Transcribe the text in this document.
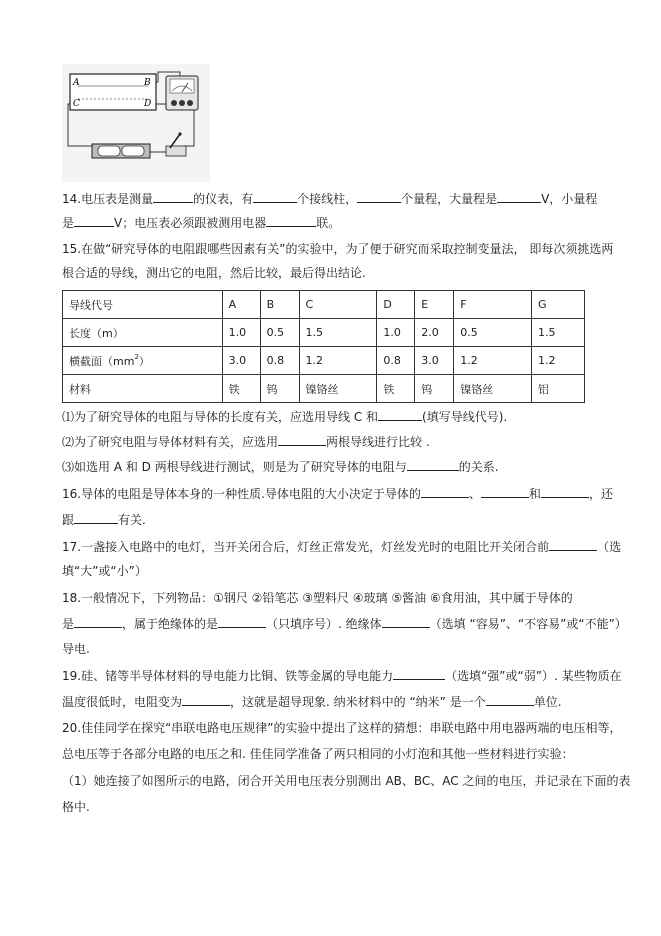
A	B
C	D
14.电压表是测量	的仪表，有	个接线柱，	个量程，大量程是	V，小量程
是	V；电压表必须跟被测用电器	联。
15.在做“研究导体的电阻跟哪些因素有关”的实验中，为了便于研究而采取控制变量法， 即每次须挑选两
根合适的导线，测出它的电阻，然后比较，最后得出结论.
导线代号	A	B	C	D	E	F	G
长度（m）	1.0	0.5	1.5	1.0	2.0	0.5	1.5
横截面$(mm^2)$	3.0	0.8	1.2	0.8	3.0	1.2	1.2
材料	铁	钨	镍铬丝	铁	钨	镍铬丝	铝
⑴为了研究导体的电阻与导体的长度有关，应选用导线 C 和	(填写导线代号).
⑵为了研究电阻与导体材料有关，应选用	两根导线进行比较 .
⑶如选用 A 和 D 两根导线进行测试，则是为了研究导体的电阻与	的关系.
16.导体的电阻是导体本身的一种性质.导体电阻的大小决定于导体的	、	和	，还
跟	有关.
17.一盏接入电路中的电灯，当开关闭合后，灯丝正常发光，灯丝发光时的电阻比开关闭合前	（选
填“大”或“小”）
18.一般情况下，下列物品：①钢尺 ②铅笔芯 ③塑料尺 ④玻璃 ⑤酱油 ⑥食用油，其中属于导体的
是	，属于绝缘体的是	（只填序号）. 绝缘体	（选填 “容易”、“不容易”或“不能”）
导电.
19.硅、锗等半导体材料的导电能力比铜、铁等金属的导电能力	（选填“强”或“弱”）. 某些物质在
温度很低时，电阻变为	，这就是超导现象. 纳米材料中的 “纳米” 是一个	单位.
20.佳佳同学在探究“串联电路电压规律”的实验中提出了这样的猜想：串联电路中用电器两端的电压相等，
总电压等于各部分电路的电压之和. 佳佳同学准备了两只相同的小灯泡和其他一些材料进行实验：
（1）她连接了如图所示的电路，闭合开关用电压表分别测出 AB、BC、AC 之间的电压，并记录在下面的表
格中.
